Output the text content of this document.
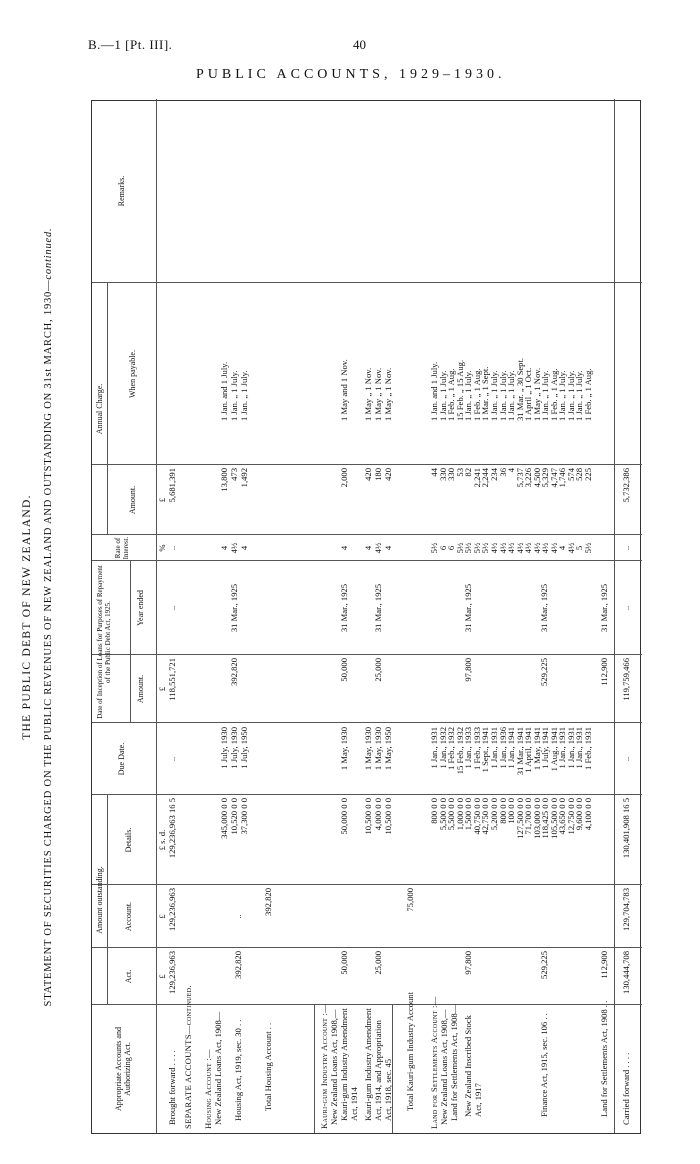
B.—1 [Pt. III].	40
PUBLIC ACCOUNTS, 1929–1930.
THE PUBLIC DEBT OF NEW ZEALAND. STATEMENT OF SECURITIES CHARGED ON THE PUBLIC REVENUES OF NEW ZEALAND AND OUTSTANDING ON 31st MARCH, 1930—continued.
Appropriate Accounts and Authorizing Act.
Amount outstanding.
Act.
Account.
Details.
Due Date.
Date of Inception of Loans for Purposes of Repayment of the Public Debt Act, 1925.
Amount.
Year ended
Rate of Interest.
Annual Charge.
Amount.
When payable.
Remarks.
£
£
£ s. d.
£
%
£
Brought forward . . . .
129,236,963
129,236,963
129,236,963 16 5
..
118,551,721
..
..
5,681,391
SEPARATE ACCOUNTS—continued. Housing Account :— New Zealand Loans Act, 1908— Housing Act, 1919, sec. 30 . .
392,820
..
345,000 0 0 10,520 0 0 37,300 0 0
1 July, 1930 1 July, 1930 1 July, 1950
392,820
31 Mar., 1925
4 4½ 4
13,800 473 1,492
1 Jan. and 1 July. 1 Jan. „ 1 July. 1 Jan. „ 1 July.
Total Housing Account . .
392,820
Kauri-gum Industry Account :— New Zealand Loans Act, 1908,— Kauri-gum Industry Amendment Act, 1914
50,000
50,000 0 0
1 May, 1930
50,000
31 Mar., 1925
4
2,000
1 May and 1 Nov.
Kauri-gum Industry Amendment Act, 1914, and Appropriation Act, 1918, sec. 45
25,000
10,500 0 0 4,000 0 0 10,500 0 0
1 May, 1930 1 May, 1930 1 May, 1950
25,000
31 Mar., 1925
4 4½ 4
420 180 420
1 May „ 1 Nov. 1 May „ 1 Nov. 1 May „ 1 Nov.
Total Kauri-gum Industry Account
75,000
Land for Settlements Account :— New Zealand Loans Act, 1908,— Land for Settlements Act, 1908— New Zealand Inscribed Stock Act, 1917
97,800
97,800
31 Mar., 1925
800 0 0
1 Jan., 1931
5½
44
1 Jan. and 1 July.
5,500 0 0
1 Jan., 1932
6
330
1 Jan. „ 1 July.
5,500 0 0
1 Feb., 1932
6
330
1 Feb. „ 1 Aug.
1,000 0 0
15 Feb., 1932
5½
53
15 Feb. „ 15 Aug.
1,500 0 0
1 Jan., 1933
5½
82
1 Jan. „ 1 July.
40,750 0 0
1 Feb., 1933
5½
2,241
1 Feb. „ 1 Aug.
42,750 0 0
1 Sept., 1941
5½
2,244
1 Mar. „ 1 Sept.
Finance Act, 1915, sec. 106 . .
529,225
529,225
31 Mar., 1925
5,200 0 0
1 Jan., 1931
4½
234
1 Jan. „ 1 July.
800 0 0
1 Jan., 1936
4½
36
1 Jan. „ 1 July.
100 0 0
1 Jan., 1941
4½
4
1 Jan. „ 1 July.
127,500 0 0
31 Mar., 1941
4½
5,737
31 Mar. „ 30 Sept.
71,700 0 0
1 April, 1941
4½
3,226
1 April „ 1 Oct.
103,000 0 0
1 May, 1941
4½
4,500
1 May „ 1 Nov.
118,425 0 0
1 July, 1941
4½
5,329
1 Jan. „ 1 July.
105,500 0 0
1 Aug., 1941
4½
4,747
1 Feb. „ 1 Aug.
43,650 0 0
1 Jan., 1931
4
1,746
1 Jan. „ 1 July.
12,750 0 0
1 Jan., 1931
4½
574
1 Jan. „ 1 July.
Land for Settlements Act, 1908 . .
112,900
112,900
31 Mar., 1925
9,600 0 0
1 Jan., 1931
5
528
1 Jan. „ 1 July.
4,100 0 0
1 Feb., 1931
5½
225
1 Feb. „ 1 Aug.
Carried forward . . . .
130,444,708
129,704,783
130,401,908 16 5
..
119,759,466
..
..
5,732,386
